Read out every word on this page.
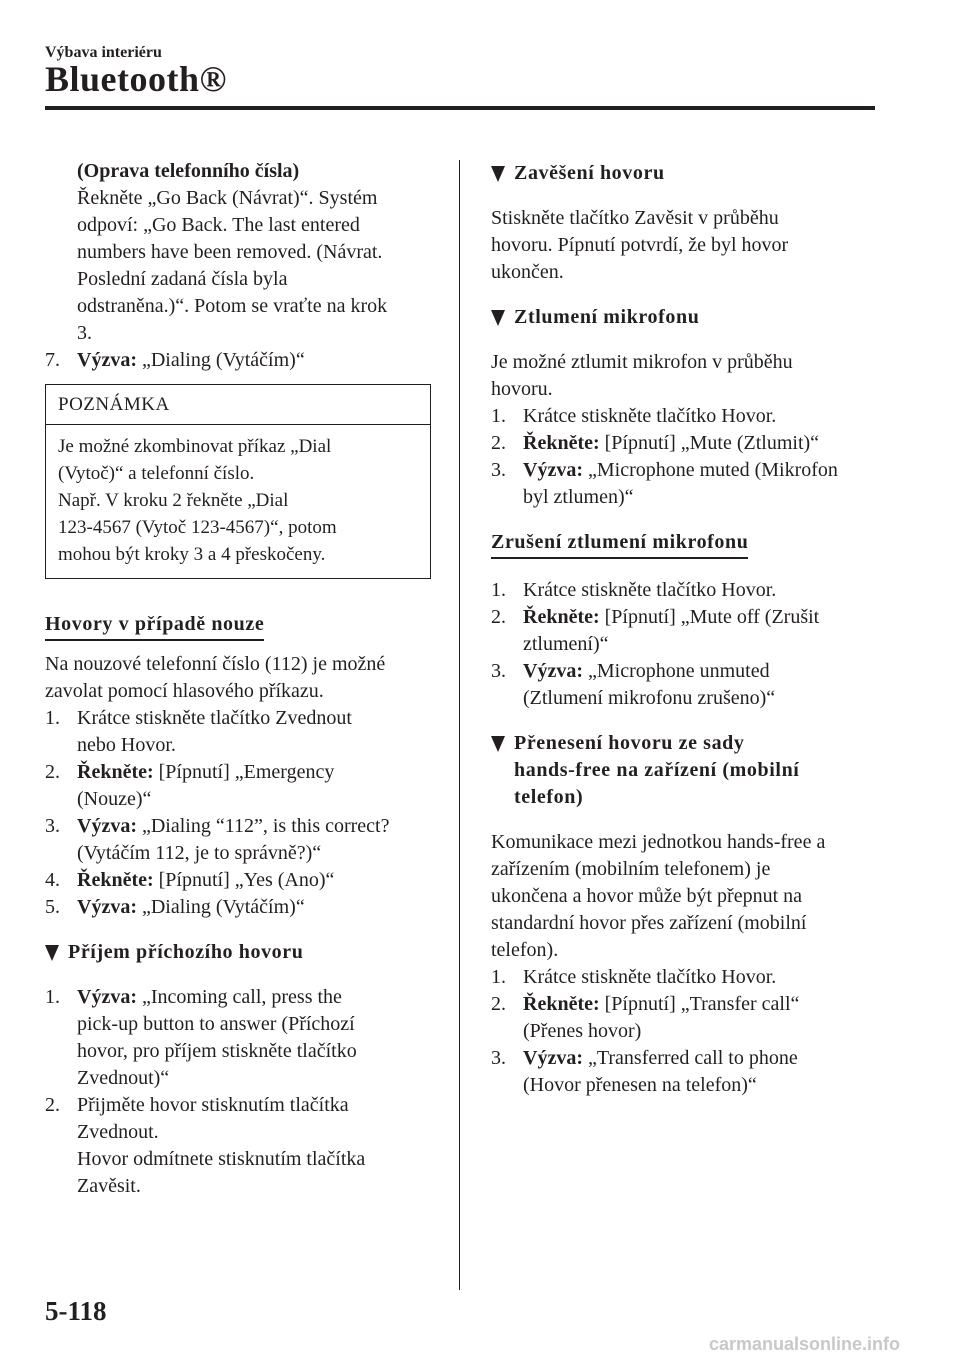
Výbava interiéru
Bluetooth®
(Oprava telefonního čísla)
Řekněte „Go Back (Návrat)“. Systém
odpoví: „Go Back. The last entered
numbers have been removed. (Návrat.
Poslední zadaná čísla byla
odstraněna.)“. Potom se vraťte na krok
3.
7. Výzva: „Dialing (Vytáčím)“
POZNÁMKA
Je možné zkombinovat příkaz „Dial
(Vytoč)“ a telefonní číslo.
Např. V kroku 2 řekněte „Dial
123-4567 (Vytoč 123-4567)“, potom
mohou být kroky 3 a 4 přeskočeny.
Hovory v případě nouze
Na nouzové telefonní číslo (112) je možné
zavolat pomocí hlasového příkazu.
1. Krátce stiskněte tlačítko Zvednout
nebo Hovor.
2. Řekněte: [Pípnutí] „Emergency
(Nouze)“
3. Výzva: „Dialing “112”, is this correct?
(Vytáčím 112, je to správně?)“
4. Řekněte: [Pípnutí] „Yes (Ano)“
5. Výzva: „Dialing (Vytáčím)“
Příjem příchozího hovoru
1. Výzva: „Incoming call, press the
pick-up button to answer (Příchozí
hovor, pro příjem stiskněte tlačítko
Zvednout)“
2. Přijměte hovor stisknutím tlačítka
Zvednout.
Hovor odmítnete stisknutím tlačítka
Zavěsit.
Zavěšení hovoru
Stiskněte tlačítko Zavěsit v průběhu
hovoru. Pípnutí potvrdí, že byl hovor
ukončen.
Ztlumení mikrofonu
Je možné ztlumit mikrofon v průběhu
hovoru.
1. Krátce stiskněte tlačítko Hovor.
2. Řekněte: [Pípnutí] „Mute (Ztlumit)“
3. Výzva: „Microphone muted (Mikrofon
byl ztlumen)“
Zrušení ztlumení mikrofonu
1. Krátce stiskněte tlačítko Hovor.
2. Řekněte: [Pípnutí] „Mute off (Zrušit
ztlumení)“
3. Výzva: „Microphone unmuted
(Ztlumení mikrofonu zrušeno)“
Přenesení hovoru ze sady
hands-free na zařízení (mobilní
telefon)
Komunikace mezi jednotkou hands-free a
zařízením (mobilním telefonem) je
ukončena a hovor může být přepnut na
standardní hovor přes zařízení (mobilní
telefon).
1. Krátce stiskněte tlačítko Hovor.
2. Řekněte: [Pípnutí] „Transfer call“
(Přenes hovor)
3. Výzva: „Transferred call to phone
(Hovor přenesen na telefon)“
5-118
carmanualsonline.info
